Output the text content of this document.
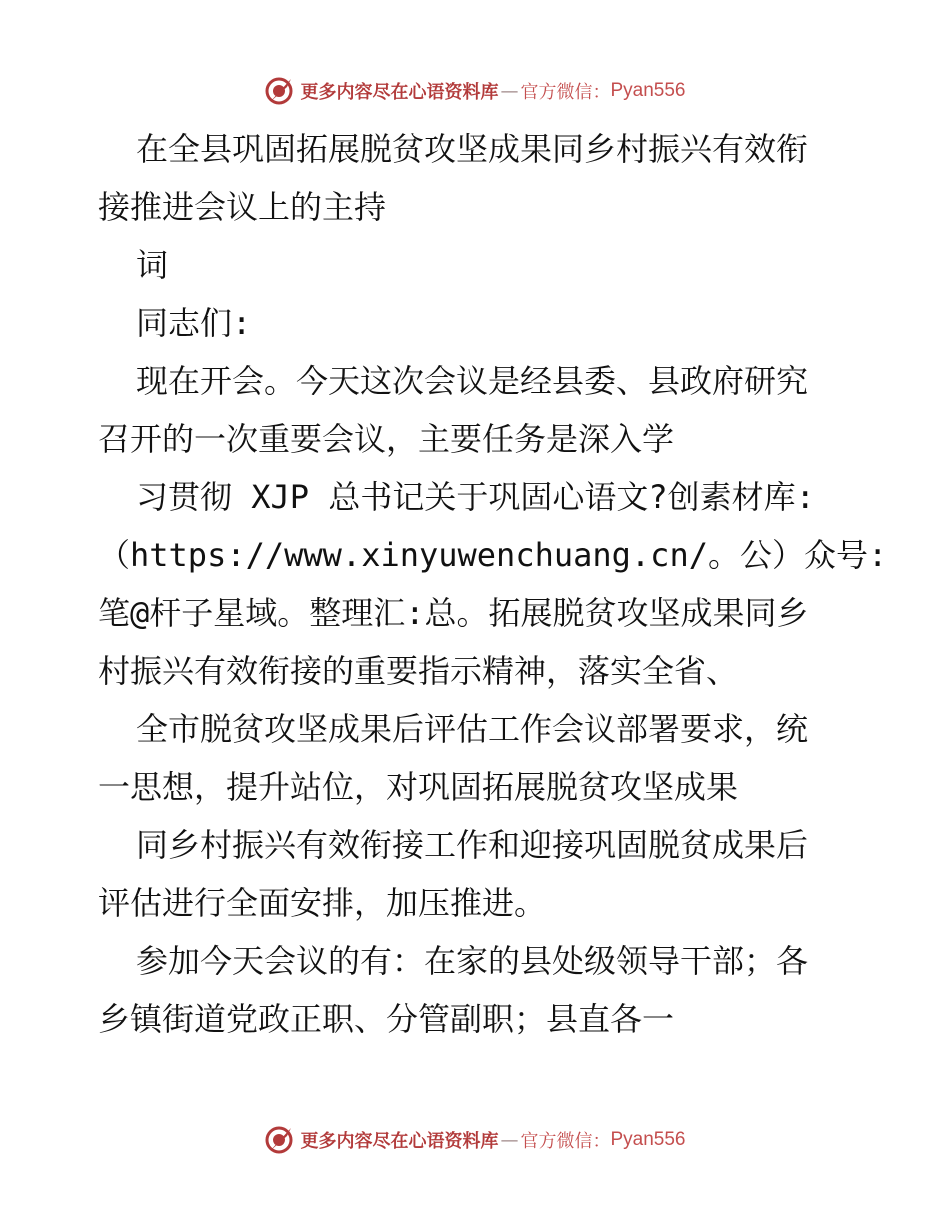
更多内容尽在心语资料库 — 官方微信： Pyan556

在全县巩固拓展脱贫攻坚成果同乡村振兴有效衔

接推进会议上的主持

词

同志们:

现在开会。今天这次会议是经县委、县政府研究

召开的一次重要会议，主要任务是深入学

习贯彻 XJP 总书记关于巩固心语文?创素材库:

（https://www.xinyuwenchuang.cn/。公）众号:

笔@杆子星域。整理汇:总。拓展脱贫攻坚成果同乡

村振兴有效衔接的重要指示精神，落实全省、

全市脱贫攻坚成果后评估工作会议部署要求，统

一思想，提升站位，对巩固拓展脱贫攻坚成果

同乡村振兴有效衔接工作和迎接巩固脱贫成果后

评估进行全面安排，加压推进。

参加今天会议的有：在家的县处级领导干部；各

乡镇街道党政正职、分管副职；县直各一

更多内容尽在心语资料库 — 官方微信： Pyan556
